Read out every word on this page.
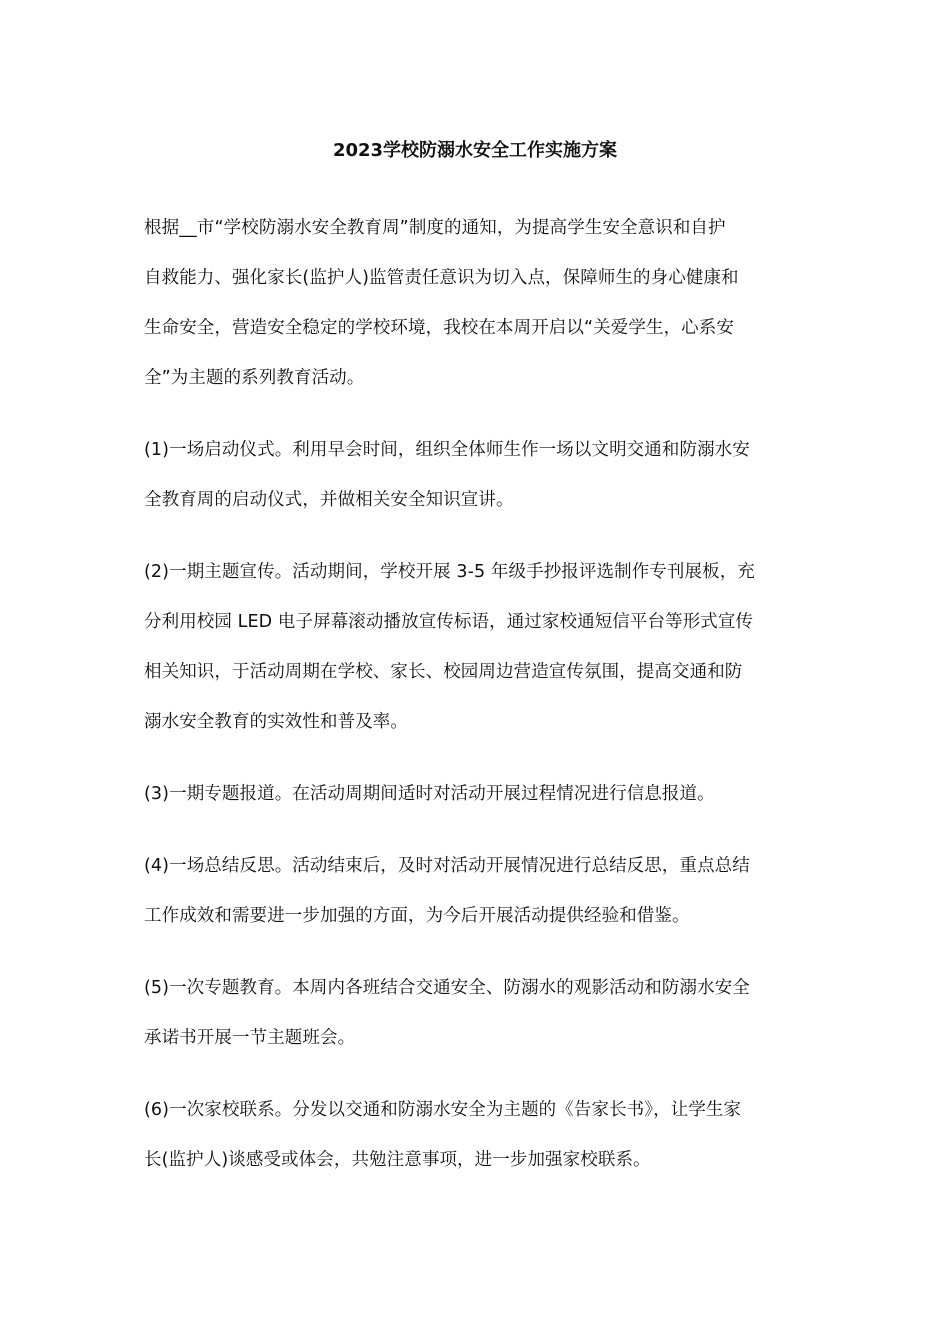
2023学校防溺水安全工作实施方案

根据__市“学校防溺水安全教育周”制度的通知，为提高学生安全意识和自护
自救能力、强化家长(监护人)监管责任意识为切入点，保障师生的身心健康和
生命安全，营造安全稳定的学校环境，我校在本周开启以“关爱学生，心系安
全”为主题的系列教育活动。

(1)一场启动仪式。利用早会时间，组织全体师生作一场以文明交通和防溺水安
全教育周的启动仪式，并做相关安全知识宣讲。

(2)一期主题宣传。活动期间，学校开展 3-5 年级手抄报评选制作专刊展板，充
分利用校园 LED 电子屏幕滚动播放宣传标语，通过家校通短信平台等形式宣传
相关知识，于活动周期在学校、家长、校园周边营造宣传氛围，提高交通和防
溺水安全教育的实效性和普及率。

(3)一期专题报道。在活动周期间适时对活动开展过程情况进行信息报道。

(4)一场总结反思。活动结束后，及时对活动开展情况进行总结反思，重点总结
工作成效和需要进一步加强的方面，为今后开展活动提供经验和借鉴。

(5)一次专题教育。本周内各班结合交通安全、防溺水的观影活动和防溺水安全
承诺书开展一节主题班会。

(6)一次家校联系。分发以交通和防溺水安全为主题的《告家长书》，让学生家
长(监护人)谈感受或体会，共勉注意事项，进一步加强家校联系。
